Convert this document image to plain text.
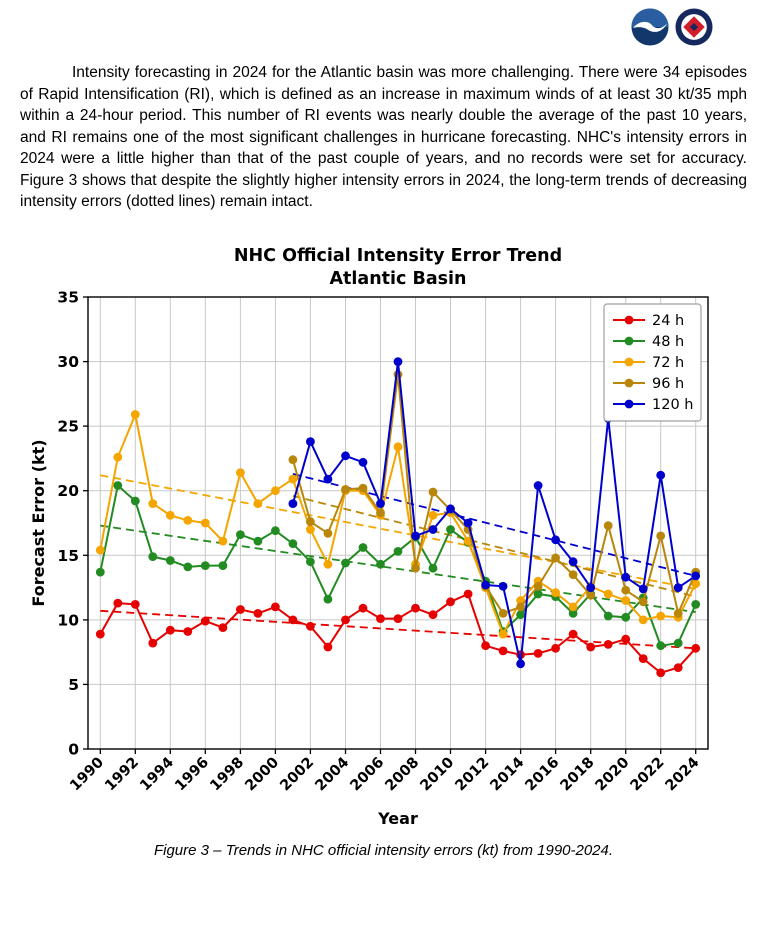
Intensity forecasting in 2024 for the Atlantic basin was more challenging. There were 34 episodes of Rapid Intensification (RI), which is defined as an increase in maximum winds of at least 30 kt/35 mph within a 24-hour period. This number of RI events was nearly double the average of the past 10 years, and RI remains one of the most significant challenges in hurricane forecasting. NHC's intensity errors in 2024 were a little higher than that of the past couple of years, and no records were set for accuracy. Figure 3 shows that despite the slightly higher intensity errors in 2024, the long-term trends of decreasing intensity errors (dotted lines) remain intact.

NHC Official Intensity Error Trend
Atlantic Basin
1990
1992
1994
1996
1998
2000
2002
2004
2006
2008
2010
2012
2014
2016
2018
2020
2022
2024
0
5
10
15
20
25
30
35
Forecast Error (kt)
Year
24 h
48 h
72 h
96 h
120 h

Figure 3 – Trends in NHC official intensity errors (kt) from 1990-2024.
